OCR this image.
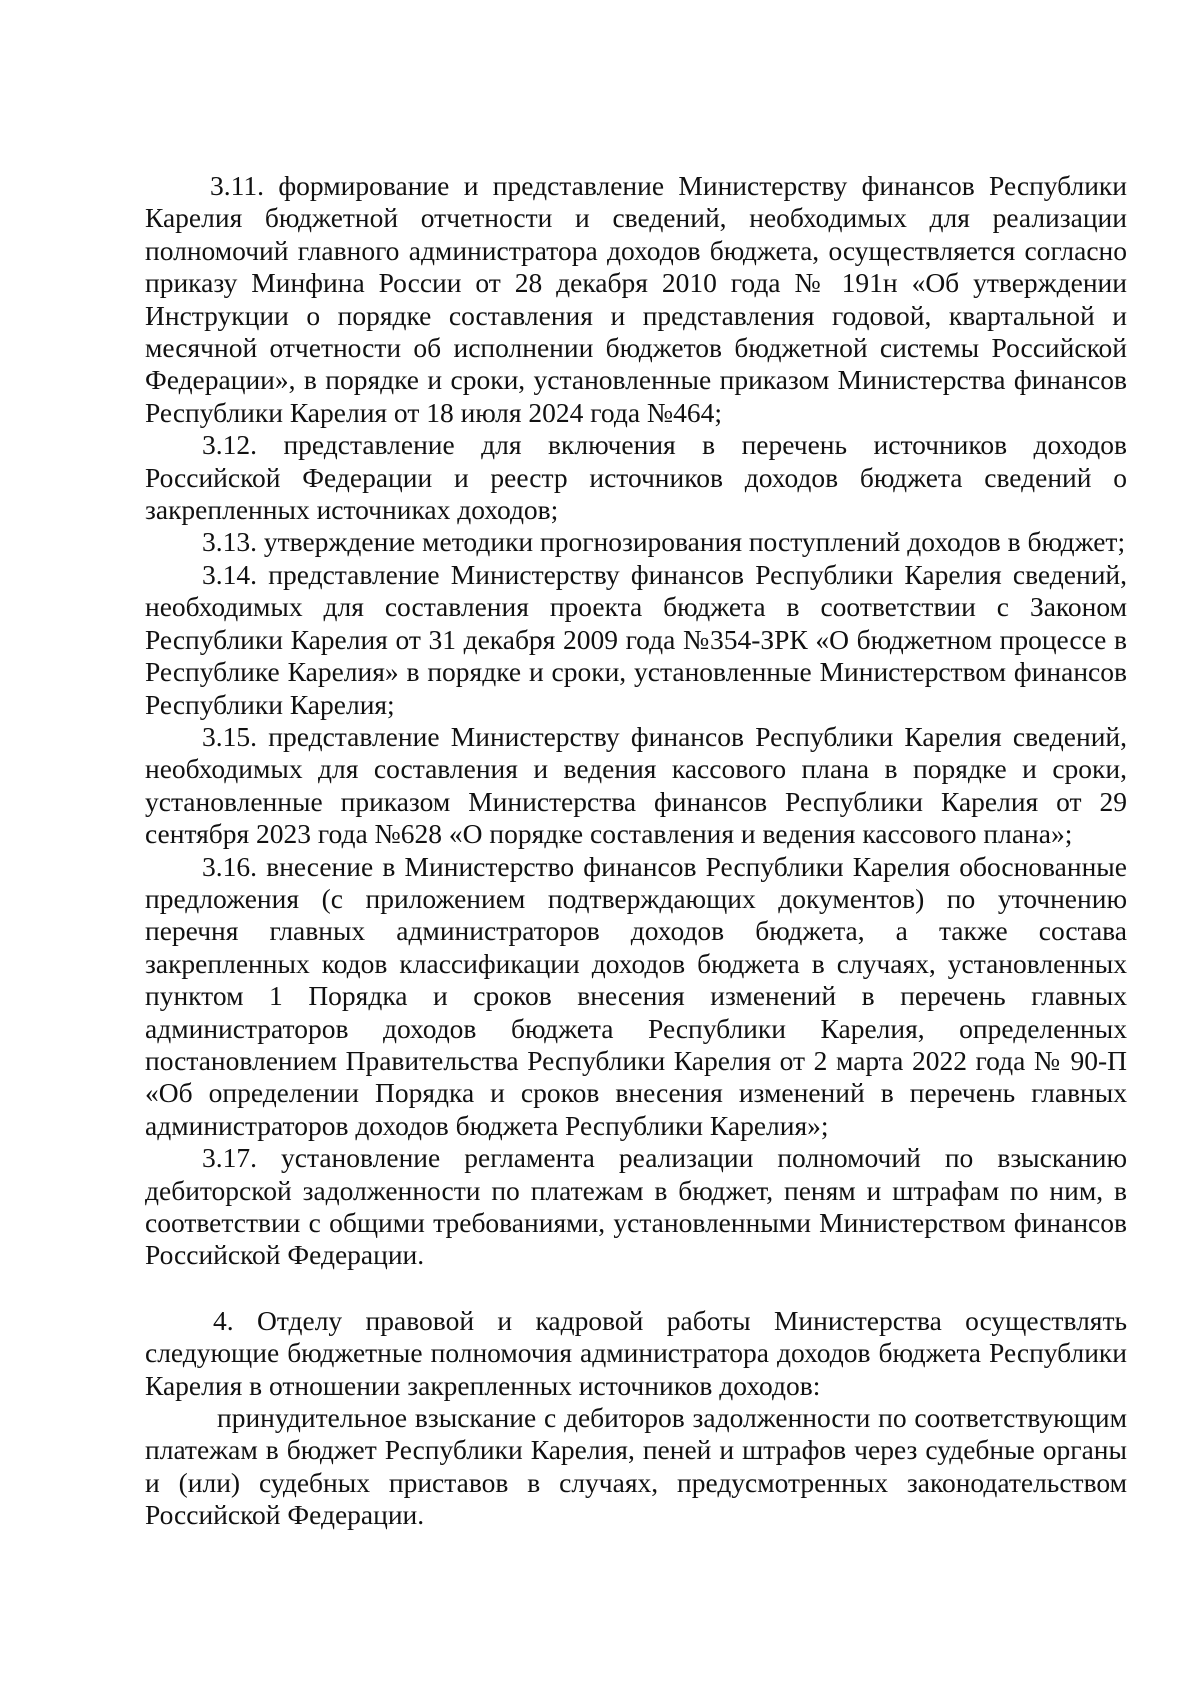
3.11. формирование и представление Министерству финансов Республики Карелия бюджетной отчетности и сведений, необходимых для реализации полномочий главного администратора доходов бюджета, осуществляется согласно приказу Минфина России от 28 декабря 2010 года № 191н «Об утверждении Инструкции о порядке составления и представления годовой, квартальной и месячной отчетности об исполнении бюджетов бюджетной системы Российской Федерации», в порядке и сроки, установленные приказом Министерства финансов Республики Карелия от 18 июля 2024 года №464;

3.12. представление для включения в перечень источников доходов Российской Федерации и реестр источников доходов бюджета сведений о закрепленных источниках доходов;

3.13. утверждение методики прогнозирования поступлений доходов в бюджет;

3.14. представление Министерству финансов Республики Карелия сведений, необходимых для составления проекта бюджета в соответствии с Законом Республики Карелия от 31 декабря 2009 года №354-ЗРК «О бюджетном процессе в Республике Карелия» в порядке и сроки, установленные Министерством финансов Республики Карелия;

3.15. представление Министерству финансов Республики Карелия сведений, необходимых для составления и ведения кассового плана в порядке и сроки, установленные приказом Министерства финансов Республики Карелия от 29 сентября 2023 года №628 «О порядке составления и ведения кассового плана»;

3.16. внесение в Министерство финансов Республики Карелия обоснованные предложения (с приложением подтверждающих документов) по уточнению перечня главных администраторов доходов бюджета, а также состава закрепленных кодов классификации доходов бюджета в случаях, установленных пунктом 1 Порядка и сроков внесения изменений в перечень главных администраторов доходов бюджета Республики Карелия, определенных постановлением Правительства Республики Карелия от 2 марта 2022 года № 90-П «Об определении Порядка и сроков внесения изменений в перечень главных администраторов доходов бюджета Республики Карелия»;

3.17. установление регламента реализации полномочий по взысканию дебиторской задолженности по платежам в бюджет, пеням и штрафам по ним, в соответствии с общими требованиями, установленными Министерством финансов Российской Федерации.

4. Отделу правовой и кадровой работы Министерства осуществлять следующие бюджетные полномочия администратора доходов бюджета Республики Карелия в отношении закрепленных источников доходов:

принудительное взыскание с дебиторов задолженности по соответствующим платежам в бюджет Республики Карелия, пеней и штрафов через судебные органы и (или) судебных приставов в случаях, предусмотренных законодательством Российской Федерации.
